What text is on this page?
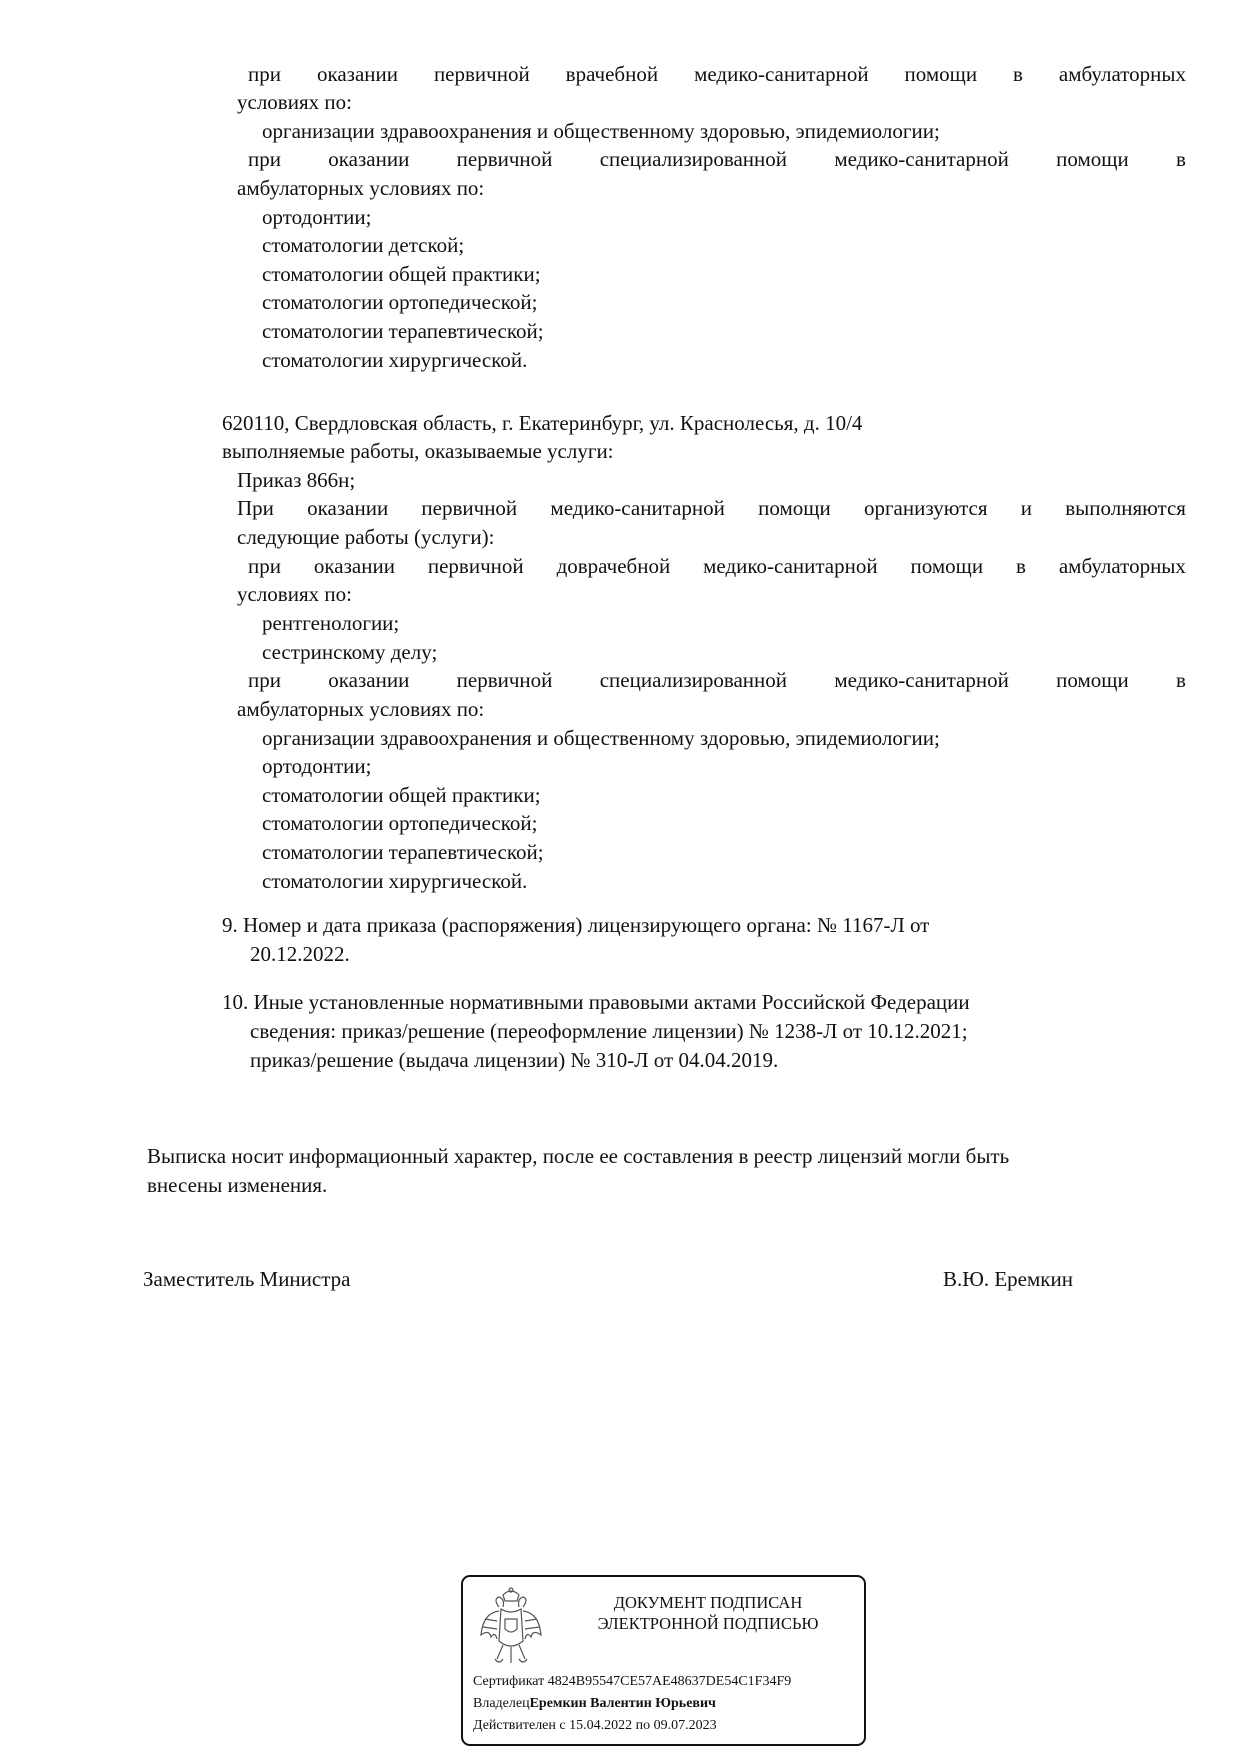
при оказании первичной врачебной медико-санитарной помощи в амбулаторных
условиях по:
организации здравоохранения и общественному здоровью, эпидемиологии;
при оказании первичной специализированной медико-санитарной помощи в
амбулаторных условиях по:
ортодонтии;
стоматологии детской;
стоматологии общей практики;
стоматологии ортопедической;
стоматологии терапевтической;
стоматологии хирургической.
620110, Свердловская область, г. Екатеринбург, ул. Краснолесья, д. 10/4
выполняемые работы, оказываемые услуги:
Приказ 866н;
При оказании первичной медико-санитарной помощи организуются и выполняются
следующие работы (услуги):
при оказании первичной доврачебной медико-санитарной помощи в амбулаторных
условиях по:
рентгенологии;
сестринскому делу;
при оказании первичной специализированной медико-санитарной помощи в
амбулаторных условиях по:
организации здравоохранения и общественному здоровью, эпидемиологии;
ортодонтии;
стоматологии общей практики;
стоматологии ортопедической;
стоматологии терапевтической;
стоматологии хирургической.
9. Номер и дата приказа (распоряжения) лицензирующего органа: № 1167-Л от
20.12.2022.
10. Иные установленные нормативными правовыми актами Российской Федерации
сведения: приказ/решение (переоформление лицензии) № 1238-Л от 10.12.2021;
приказ/решение (выдача лицензии) № 310-Л от 04.04.2019.
Выписка носит информационный характер, после ее составления в реестр лицензий могли быть
внесены изменения.
Заместитель Министра	В.Ю. Еремкин
ДОКУМЕНТ ПОДПИСАН
ЭЛЕКТРОННОЙ ПОДПИСЬЮ
Сертификат 4824B95547CE57AE48637DE54C1F34F9
ВладелецЕремкин Валентин Юрьевич
Действителен с 15.04.2022 по 09.07.2023
